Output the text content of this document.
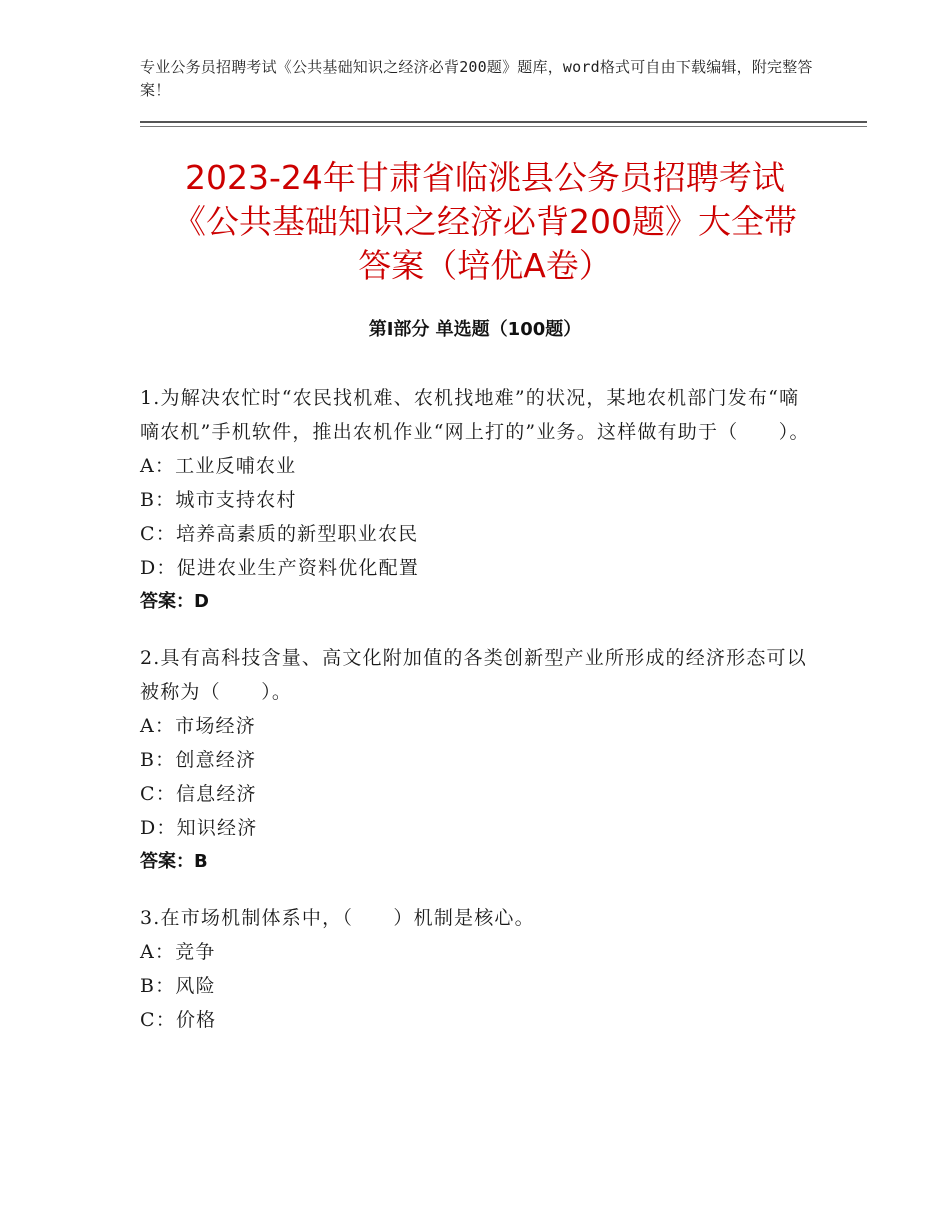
专业公务员招聘考试《公共基础知识之经济必背200题》题库，word格式可自由下载编辑，附完整答案！
2023-24年甘肃省临洮县公务员招聘考试
《公共基础知识之经济必背200题》大全带
答案（培优A卷）
第Ⅰ部分 单选题（100题）
1.为解决农忙时“农民找机难、农机找地难”的状况，某地农机部门发布“嘀嘀农机”手机软件，推出农机作业“网上打的”业务。这样做有助于（　　）。
A：工业反哺农业
B：城市支持农村
C：培养高素质的新型职业农民
D：促进农业生产资料优化配置
答案：D
2.具有高科技含量、高文化附加值的各类创新型产业所形成的经济形态可以被称为（　　）。
A：市场经济
B：创意经济
C：信息经济
D：知识经济
答案：B
3.在市场机制体系中，（　　）机制是核心。
A：竞争
B：风险
C：价格
